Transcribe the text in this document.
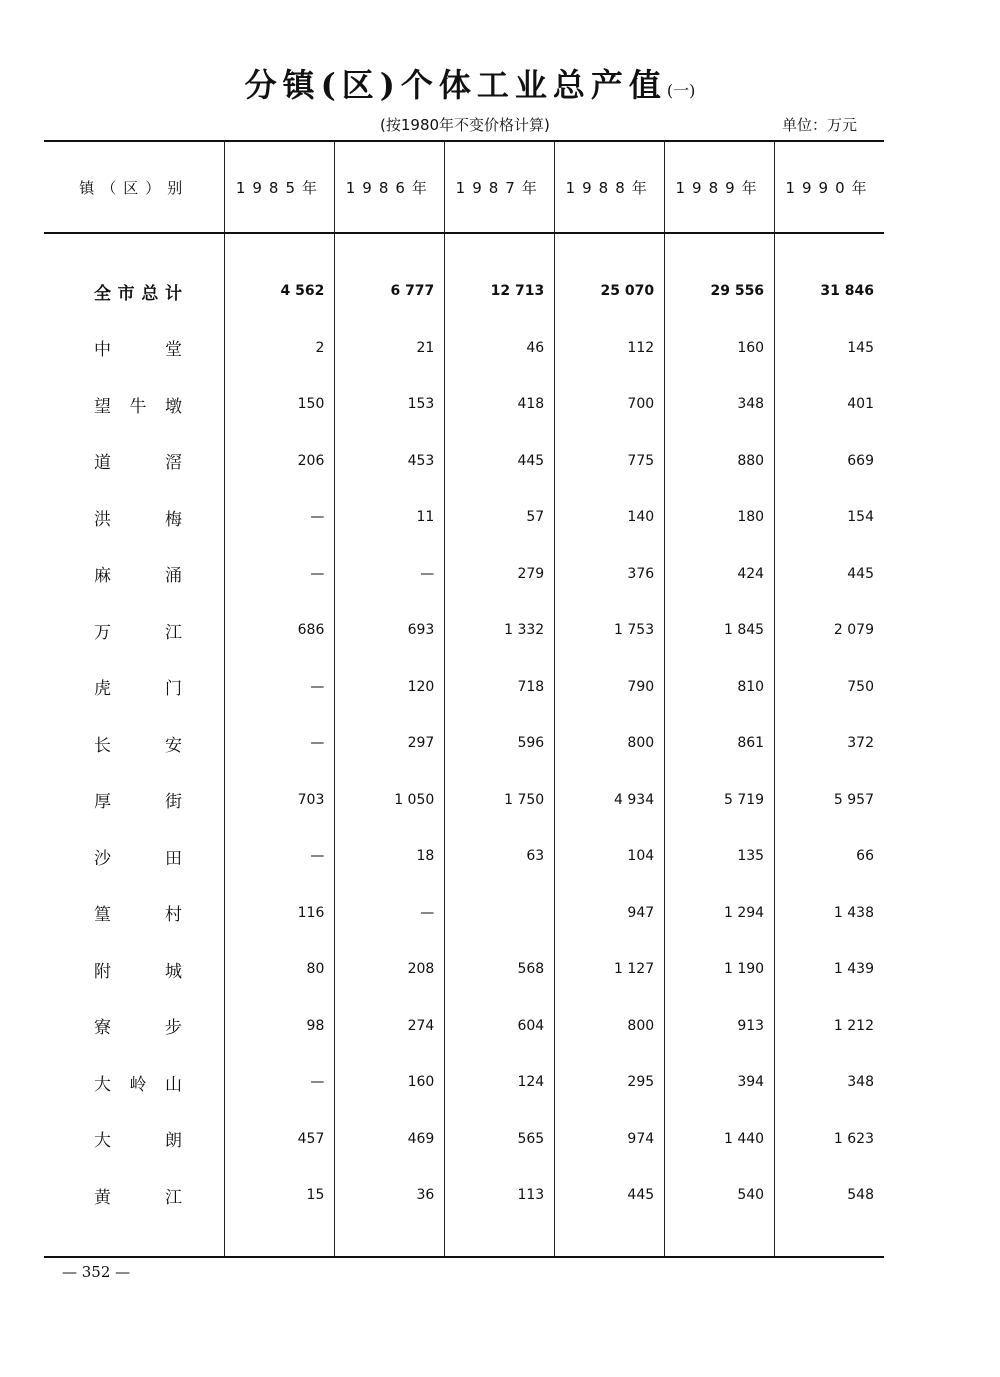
分镇(区)个体工业总产值(一)
(按1980年不变价格计算)	单位：万元
镇（区）别	1985年	1986年	1987年	1988年	1989年	1990年

全市总计	4 562	6 777	12 713	25 070	29 556	31 846
中堂	2	21	46	112	160	145
望牛墩	150	153	418	700	348	401
道滘	206	453	445	775	880	669
洪梅	—	11	57	140	180	154
麻涌	—	—	279	376	424	445
万江	686	693	1 332	1 753	1 845	2 079
虎门	—	120	718	790	810	750
长安	—	297	596	800	861	372
厚街	703	1 050	1 750	4 934	5 719	5 957
沙田	—	18	63	104	135	66
篁村	116	—		947	1 294	1 438
附城	80	208	568	1 127	1 190	1 439
寮步	98	274	604	800	913	1 212
大岭山	—	160	124	295	394	348
大朗	457	469	565	974	1 440	1 623
黄江	15	36	113	445	540	548

— 352 —
